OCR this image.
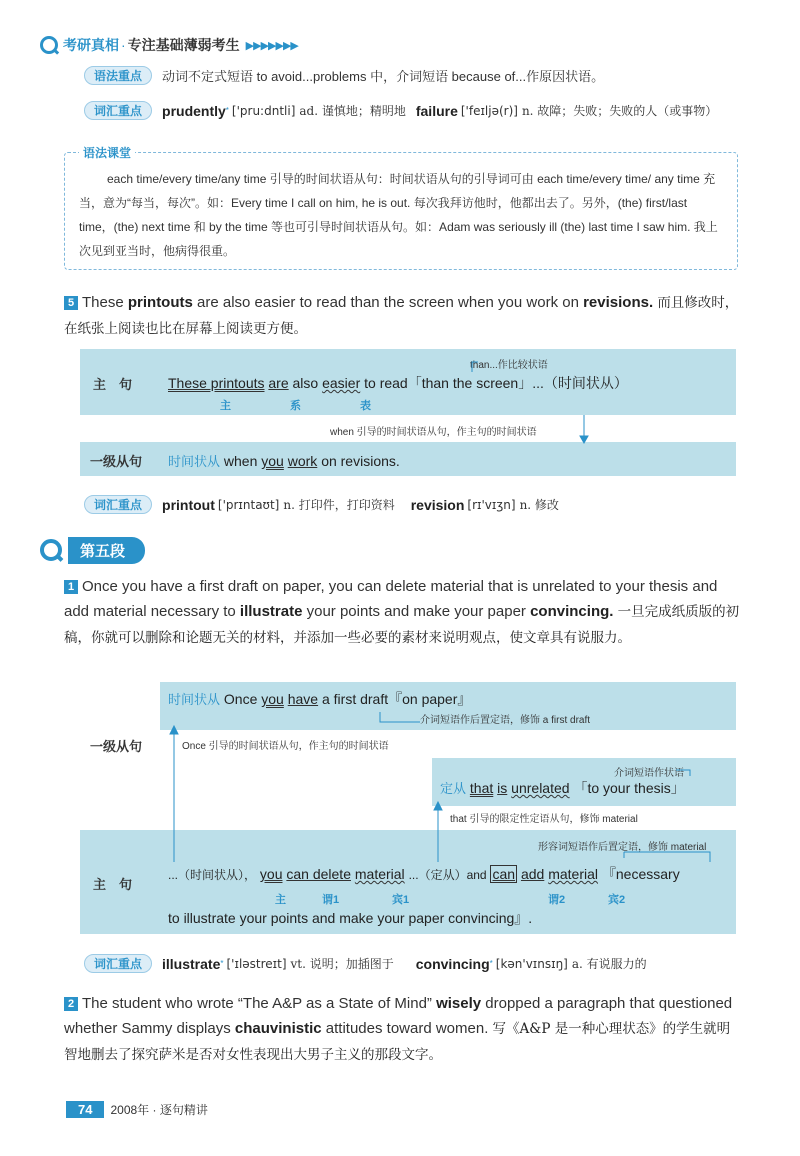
考研真相 · 专注基础薄弱考生 ▶▶▶▶▶▶▶
语法重点	动词不定式短语 to avoid...problems 中，介词短语 because of...作原因状语。
词汇重点	prudently * ['pru:dntli] ad. 谨慎地；精明地 failure ['feɪljə(r)] n. 故障；失败；失败的人（或事物）
语法课堂
each time/every time/any time 引导的时间状语从句：时间状语从句的引导词可由 each time/every time/ any time 充当，意为“每当，每次”。如：Every time I call on him, he is out. 每次我拜访他时，他都出去了。另外，(the) first/last time，(the) next time 和 by the time 等也可引导时间状语从句。如：Adam was seriously ill (the) last time I saw him. 我上次见到亚当时，他病得很重。
5 These printouts are also easier to read than the screen when you work on revisions. 而且修改时，在纸张上阅读也比在屏幕上阅读更方便。
主　句
than...作比较状语
These printouts are also easier to read「than the screen」...（时间状从）
主	系	表
when 引导的时间状语从句，作主句的时间状语
一级从句 时间状从 when you work on revisions.
词汇重点	printout ['prɪntaʊt] n. 打印件，打印资料 revision [rɪ'vɪʒn] n. 修改
第五段
1 Once you have a first draft on paper, you can delete material that is unrelated to your thesis and add material necessary to illustrate your points and make your paper convincing. 一旦完成纸质版的初稿，你就可以删除和论题无关的材料，并添加一些必要的素材来说明观点，使文章具有说服力。
一级从句
时间状从 Once you have a first draft『on paper』
介词短语作后置定语，修饰 a first draft
Once 引导的时间状语从句，作主句的时间状语
介词短语作状语
定从 that is unrelated 「to your thesis」
that 引导的限定性定语从句，修饰 material
形容词短语作后置定语，修饰 material
主　句
...（时间状从）， you can delete material ...（定从）and can add material 『necessary
主	谓1	宾1	谓2	宾2
to illustrate your points and make your paper convincing』.
词汇重点	illustrate * ['ɪləstreɪt] vt. 说明；加插图于 convincing * [kən'vɪnsɪŋ] a. 有说服力的
2 The student who wrote “The A&P as a State of Mind” wisely dropped a paragraph that questioned whether Sammy displays chauvinistic attitudes toward women. 写《A&P 是一种心理状态》的学生就明智地删去了探究萨米是否对女性表现出大男子主义的那段文字。
74	2008年 · 逐句精讲
